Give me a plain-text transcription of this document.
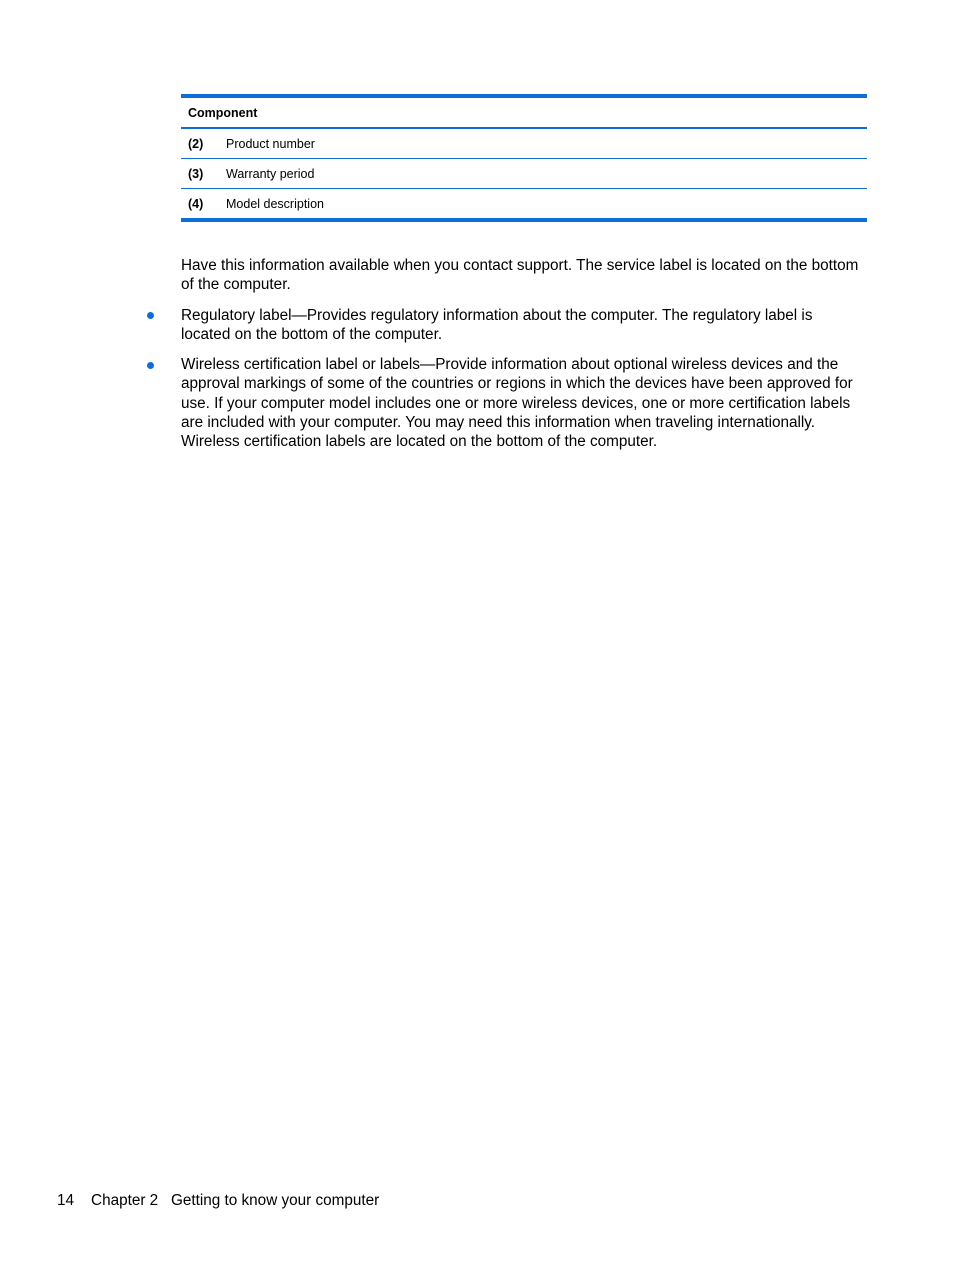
Component
(2)	Product number
(3)	Warranty period
(4)	Model description

Have this information available when you contact support. The service label is located on the bottom of the computer.

Regulatory label—Provides regulatory information about the computer. The regulatory label is located on the bottom of the computer.

Wireless certification label or labels—Provide information about optional wireless devices and the approval markings of some of the countries or regions in which the devices have been approved for use. If your computer model includes one or more wireless devices, one or more certification labels are included with your computer. You may need this information when traveling internationally. Wireless certification labels are located on the bottom of the computer.

14 Chapter 2 Getting to know your computer
